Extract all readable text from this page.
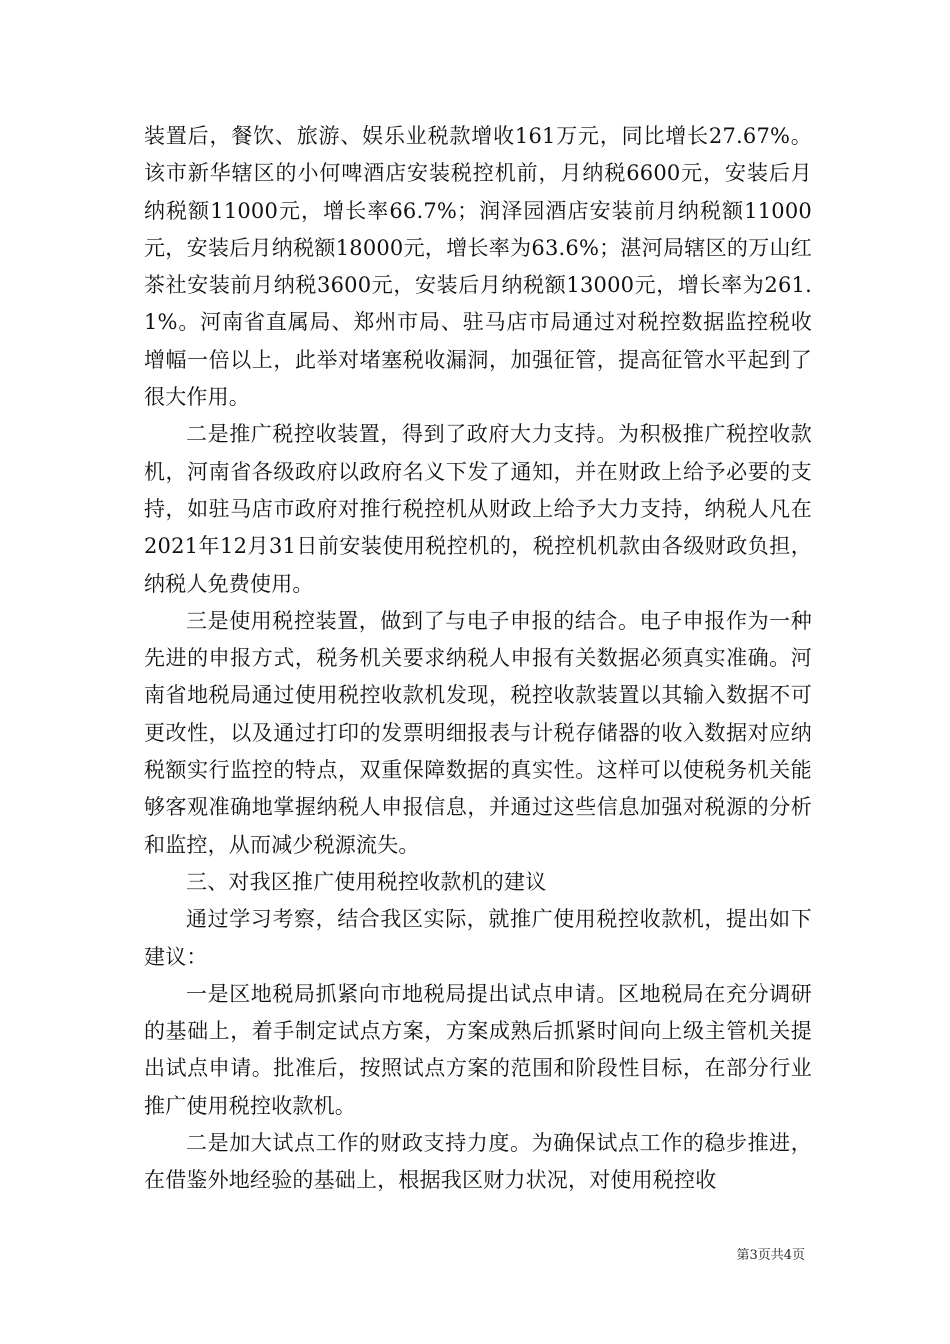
装置后，餐饮、旅游、娱乐业税款增收161万元，同比增长27.67%。该市新华辖区的小何啤酒店安装税控机前，月纳税6600元，安装后月纳税额11000元，增长率66.7%；润泽园酒店安装前月纳税额11000元，安装后月纳税额18000元，增长率为63.6%；湛河局辖区的万山红茶社安装前月纳税3600元，安装后月纳税额13000元，增长率为261.1%。河南省直属局、郑州市局、驻马店市局通过对税控数据监控税收增幅一倍以上，此举对堵塞税收漏洞，加强征管，提高征管水平起到了很大作用。

二是推广税控收装置，得到了政府大力支持。为积极推广税控收款机，河南省各级政府以政府名义下发了通知，并在财政上给予必要的支持，如驻马店市政府对推行税控机从财政上给予大力支持，纳税人凡在2021年12月31日前安装使用税控机的，税控机机款由各级财政负担，纳税人免费使用。

三是使用税控装置，做到了与电子申报的结合。电子申报作为一种先进的申报方式，税务机关要求纳税人申报有关数据必须真实准确。河南省地税局通过使用税控收款机发现，税控收款装置以其输入数据不可更改性，以及通过打印的发票明细报表与计税存储器的收入数据对应纳税额实行监控的特点，双重保障数据的真实性。这样可以使税务机关能够客观准确地掌握纳税人申报信息，并通过这些信息加强对税源的分析和监控，从而减少税源流失。

三、对我区推广使用税控收款机的建议

通过学习考察，结合我区实际，就推广使用税控收款机，提出如下建议：

一是区地税局抓紧向市地税局提出试点申请。区地税局在充分调研的基础上，着手制定试点方案，方案成熟后抓紧时间向上级主管机关提出试点申请。批准后，按照试点方案的范围和阶段性目标，在部分行业推广使用税控收款机。

二是加大试点工作的财政支持力度。为确保试点工作的稳步推进，在借鉴外地经验的基础上，根据我区财力状况，对使用税控收

第3页共4页
